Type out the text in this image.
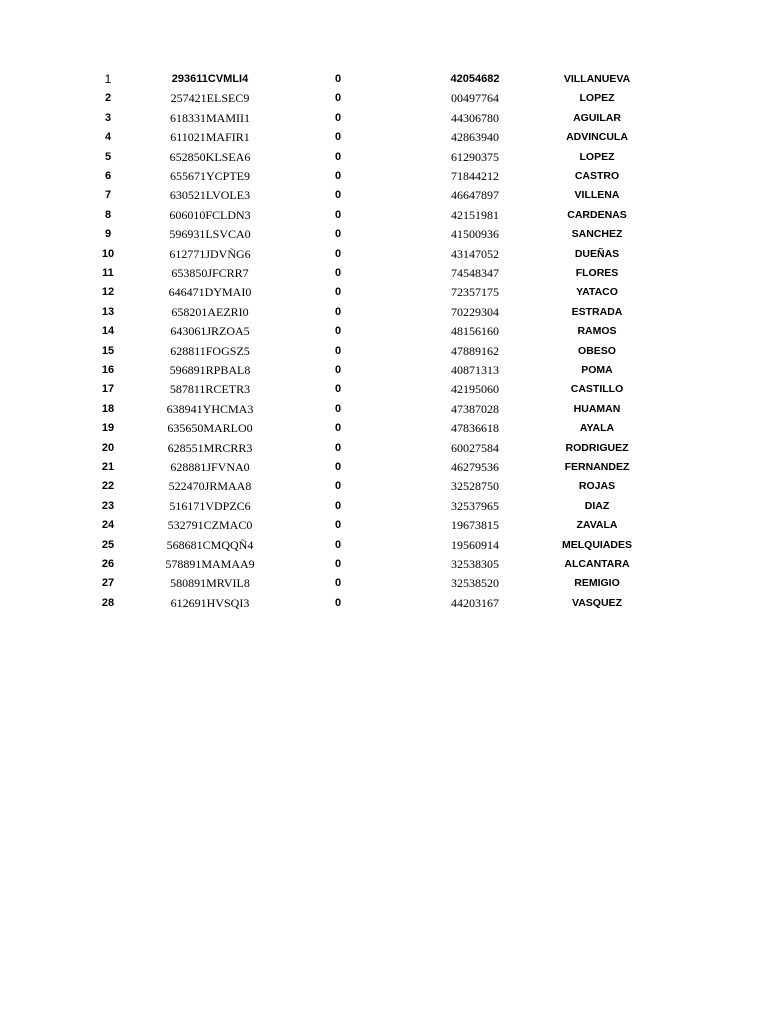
1	293611CVMLI4	0	42054682	VILLANUEVA
2	257421ELSEC9	0	00497764	LOPEZ
3	618331MAMII1	0	44306780	AGUILAR
4	611021MAFIR1	0	42863940	ADVINCULA
5	652850KLSEA6	0	61290375	LOPEZ
6	655671YCPTE9	0	71844212	CASTRO
7	630521LVOLE3	0	46647897	VILLENA
8	606010FCLDN3	0	42151981	CARDENAS
9	596931LSVCA0	0	41500936	SANCHEZ
10	612771JDVÑG6	0	43147052	DUEÑAS
11	653850JFCRR7	0	74548347	FLORES
12	646471DYMAI0	0	72357175	YATACO
13	658201AEZRI0	0	70229304	ESTRADA
14	643061JRZOA5	0	48156160	RAMOS
15	628811FOGSZ5	0	47889162	OBESO
16	596891RPBAL8	0	40871313	POMA
17	587811RCETR3	0	42195060	CASTILLO
18	638941YHCMA3	0	47387028	HUAMAN
19	635650MARLO0	0	47836618	AYALA
20	628551MRCRR3	0	60027584	RODRIGUEZ
21	628881JFVNA0	0	46279536	FERNANDEZ
22	522470JRMAA8	0	32528750	ROJAS
23	516171VDPZC6	0	32537965	DIAZ
24	532791CZMAC0	0	19673815	ZAVALA
25	568681CMQQÑ4	0	19560914	MELQUIADES
26	578891MAMAA9	0	32538305	ALCANTARA
27	580891MRVIL8	0	32538520	REMIGIO
28	612691HVSQI3	0	44203167	VASQUEZ
